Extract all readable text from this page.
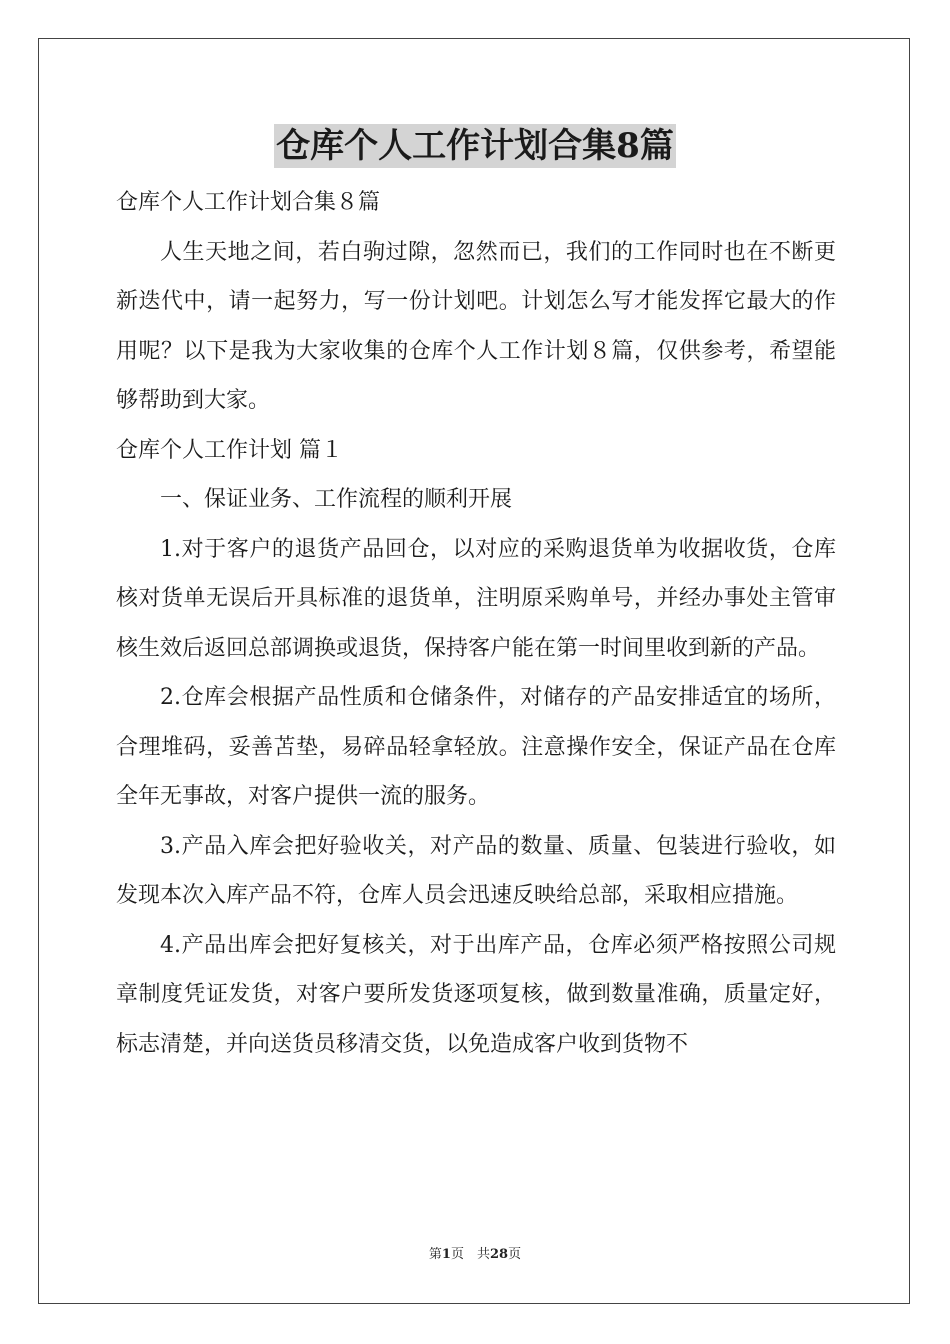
仓库个人工作计划合集8篇

仓库个人工作计划合集８篇

人生天地之间，若白驹过隙，忽然而已，我们的工作同时也在不断更新迭代中，请一起努力，写一份计划吧。计划怎么写才能发挥它最大的作用呢？以下是我为大家收集的仓库个人工作计划８篇，仅供参考，希望能够帮助到大家。

仓库个人工作计划 篇１

一、保证业务、工作流程的顺利开展

1.对于客户的退货产品回仓，以对应的采购退货单为收据收货，仓库核对货单无误后开具标准的退货单，注明原采购单号，并经办事处主管审核生效后返回总部调换或退货，保持客户能在第一时间里收到新的产品。

2.仓库会根据产品性质和仓储条件，对储存的产品安排适宜的场所，合理堆码，妥善苫垫，易碎品轻拿轻放。注意操作安全，保证产品在仓库全年无事故，对客户提供一流的服务。

3.产品入库会把好验收关，对产品的数量、质量、包装进行验收，如发现本次入库产品不符，仓库人员会迅速反映给总部，采取相应措施。

4.产品出库会把好复核关，对于出库产品，仓库必须严格按照公司规章制度凭证发货，对客户要所发货逐项复核，做到数量准确，质量定好，标志清楚，并向送货员移清交货，以免造成客户收到货物不

第1页　共28页
